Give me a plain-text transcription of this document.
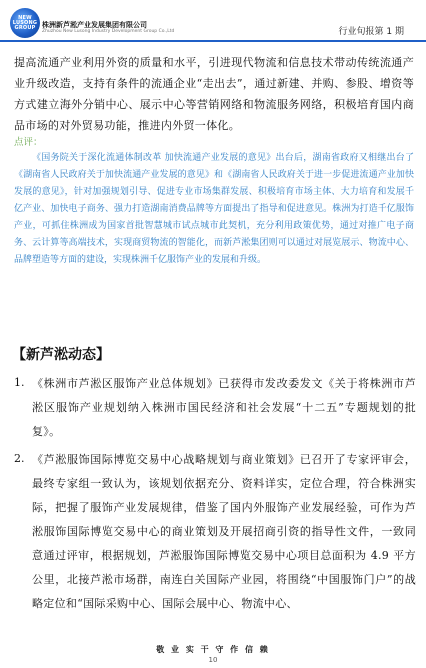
NEW LUSONG GROUP 株洲新芦淞产业发展集团有限公司
Zhuzhou New Lusong Industry Development Group Co.,Ltd	行业旬报第 1 期

提高流通产业利用外资的质量和水平，引进现代物流和信息技术带动传统流通产业升级改造，支持有条件的流通企业“走出去”，通过新建、并购、参股、增资等方式建立海外分销中心、展示中心等营销网络和物流服务网络，积极培育国内商品市场的对外贸易功能，推进内外贸一体化。

点评：

《国务院关于深化流通体制改革 加快流通产业发展的意见》出台后，湖南省政府又相继出台了《湖南省人民政府关于加快流通产业发展的意见》和《湖南省人民政府关于进一步促进流通产业加快发展的意见》，针对加强规划引导、促进专业市场集群发展、积极培育市场主体、大力培育和发展千亿产业、加快电子商务、强力打造湖南消费品牌等方面提出了指导和促进意见。株洲为打造千亿服饰产业，可抓住株洲成为国家首批智慧城市试点城市此契机，充分利用政策优势，通过对推广电子商务、云计算等高端技术，实现商贸物流的智能化，而新芦淞集团则可以通过对展览展示、物流中心、品牌塑造等方面的建设，实现株洲千亿服饰产业的发展和升级。

【新芦淞动态】
1. 《株洲市芦淞区服饰产业总体规划》已获得市发改委发文《关于将株洲市芦淞区服饰产业规划纳入株洲市国民经济和社会发展“十二五”专题规划的批复》。

2. 《芦淞服饰国际博览交易中心战略规划与商业策划》已召开了专家评审会，最终专家组一致认为，该规划依据充分、资料详实，定位合理，符合株洲实际，把握了服饰产业发展规律，借鉴了国内外服饰产业发展经验，可作为芦淞服饰国际博览交易中心的商业策划及开展招商引资的指导性文件，一致同意通过评审，根据规划，芦淞服饰国际博览交易中心项目总面积为 4.9 平方公里，北接芦淞市场群，南连白关国际产业园，将围绕“中国服饰门户”的战略定位和“国际采购中心、国际会展中心、物流中心、

敬 业 实 干 守 作 信 赖
10
